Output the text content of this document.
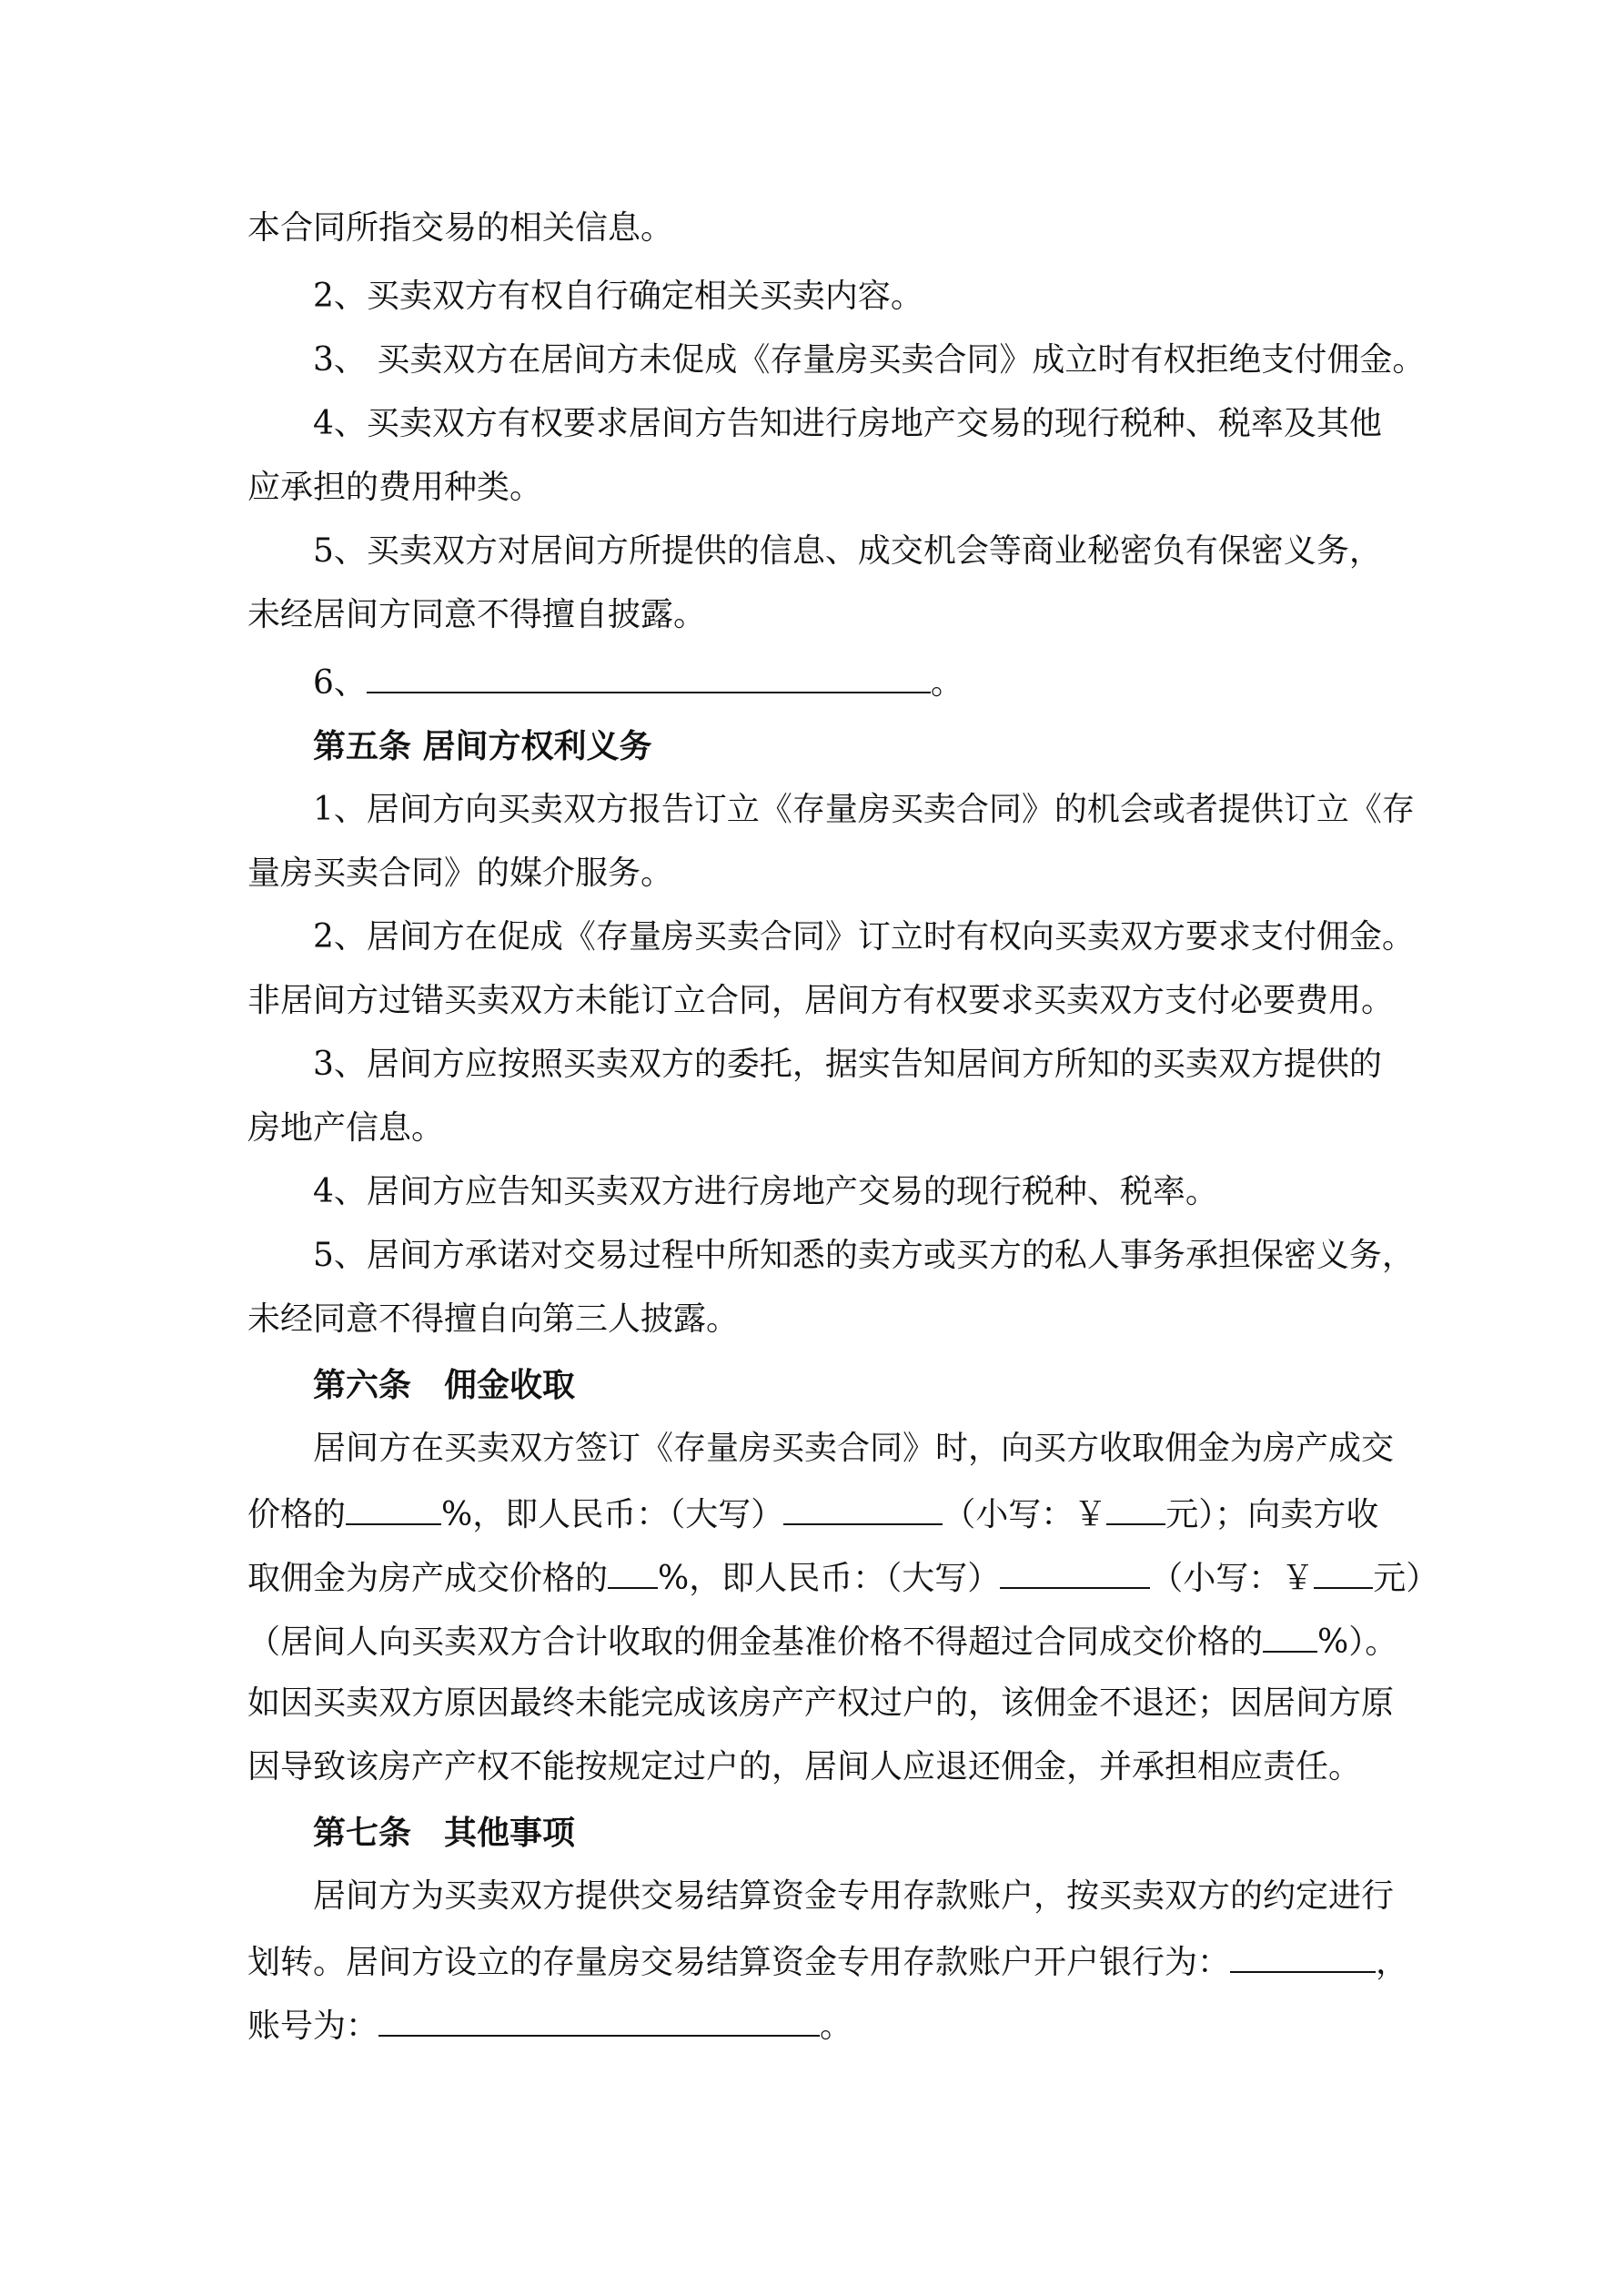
本合同所指交易的相关信息。
2、买卖双方有权自行确定相关买卖内容。
3、 买卖双方在居间方未促成《存量房买卖合同》成立时有权拒绝支付佣金。
4、买卖双方有权要求居间方告知进行房地产交易的现行税种、税率及其他
应承担的费用种类。
5、买卖双方对居间方所提供的信息、成交机会等商业秘密负有保密义务，
未经居间方同意不得擅自披露。
6、	。
第五条 居间方权利义务
1、居间方向买卖双方报告订立《存量房买卖合同》的机会或者提供订立《存
量房买卖合同》的媒介服务。
2、居间方在促成《存量房买卖合同》订立时有权向买卖双方要求支付佣金。
非居间方过错买卖双方未能订立合同，居间方有权要求买卖双方支付必要费用。
3、居间方应按照买卖双方的委托，据实告知居间方所知的买卖双方提供的
房地产信息。
4、居间方应告知买卖双方进行房地产交易的现行税种、税率。
5、居间方承诺对交易过程中所知悉的卖方或买方的私人事务承担保密义务，
未经同意不得擅自向第三人披露。
第六条　佣金收取
居间方在买卖双方签订《存量房买卖合同》时，向买方收取佣金为房产成交
价格的	%，即人民币：（大写）	（小写：￥ 元）；向卖方收
取佣金为房产成交价格的 %，即人民币：（大写）	（小写：￥ 元）
（居间人向买卖双方合计收取的佣金基准价格不得超过合同成交价格的 %）。
如因买卖双方原因最终未能完成该房产产权过户的，该佣金不退还；因居间方原
因导致该房产产权不能按规定过户的，居间人应退还佣金，并承担相应责任。
第七条　其他事项
居间方为买卖双方提供交易结算资金专用存款账户，按买卖双方的约定进行
划转。居间方设立的存量房交易结算资金专用存款账户开户银行为：	，
账号为：	。
